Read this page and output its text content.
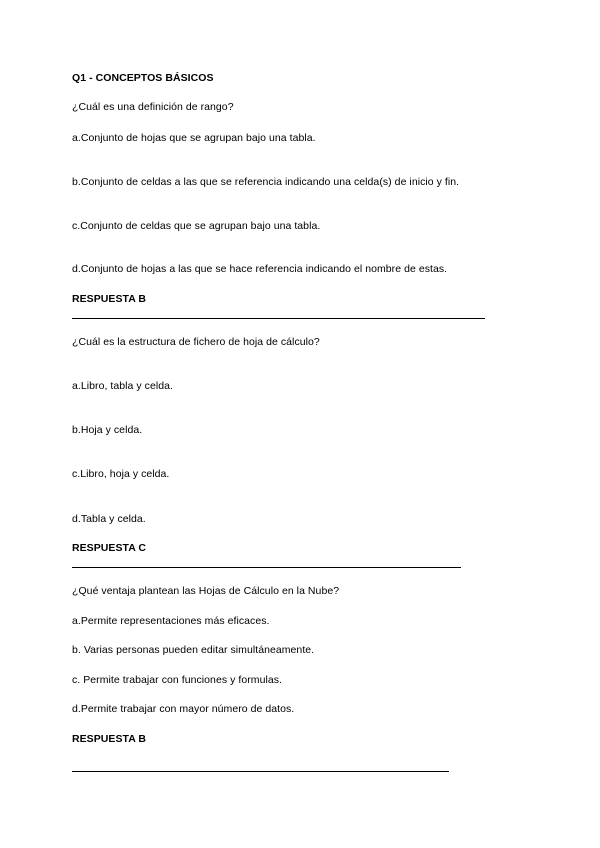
Q1 - CONCEPTOS BÁSICOS
¿Cuál es una definición de rango?
a.Conjunto de hojas que se agrupan bajo una tabla.
b.Conjunto de celdas a las que se referencia indicando una celda(s) de inicio y fin.
c.Conjunto de celdas que se agrupan bajo una tabla.
d.Conjunto de hojas a las que se hace referencia indicando el nombre de estas.
RESPUESTA B
¿Cuál es la estructura de fichero de hoja de cálculo?
a.Libro, tabla y celda.
b.Hoja y celda.
c.Libro, hoja y celda.
d.Tabla y celda.
RESPUESTA C
¿Qué ventaja plantean las Hojas de Cálculo en la Nube?
a.Permite representaciones más eficaces.
b. Varias personas pueden editar simultáneamente.
c. Permite trabajar con funciones y formulas.
d.Permite trabajar con mayor número de datos.
RESPUESTA B
